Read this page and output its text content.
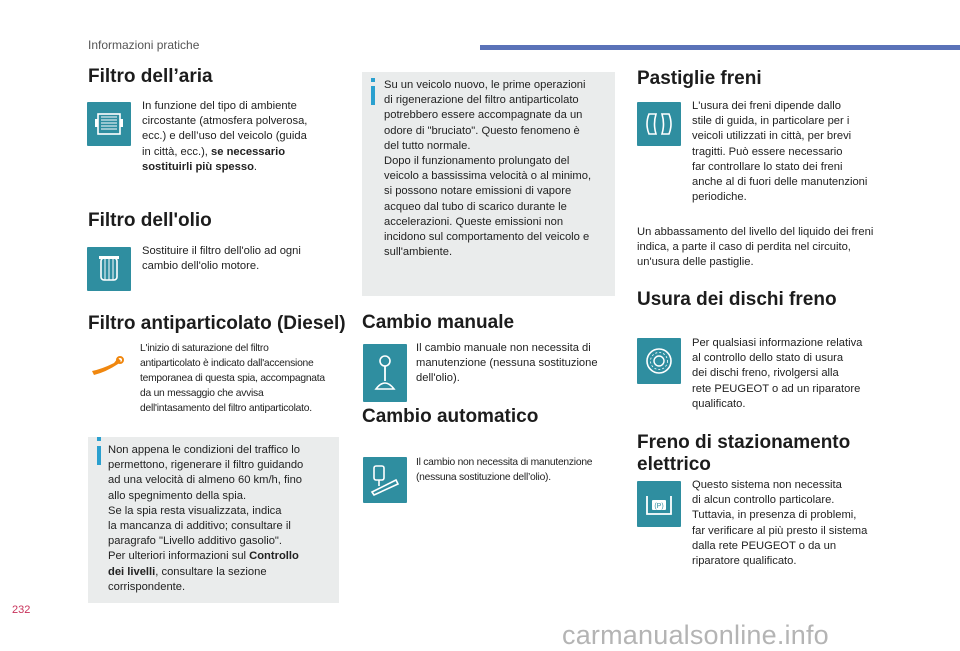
Informazioni pratiche
Filtro dell’aria
In funzione del tipo di ambiente
circostante (atmosfera polverosa,
ecc.) e dell’uso del veicolo (guida
in città, ecc.), se necessario
sostituirli più spesso.
Filtro dell'olio
Sostituire il filtro dell'olio ad ogni
cambio dell'olio motore.
Filtro antiparticolato (Diesel)
L'inizio di saturazione del filtro
antiparticolato è indicato dall'accensione
temporanea di questa spia, accompagnata
da un messaggio che avvisa
dell'intasamento del filtro antiparticolato.
Non appena le condizioni del traffico lo
permettono, rigenerare il filtro guidando
ad una velocità di almeno 60 km/h, fino
allo spegnimento della spia.
Se la spia resta visualizzata, indica
la mancanza di additivo; consultare il
paragrafo "Livello additivo gasolio".
Per ulteriori informazioni sul Controllo
dei livelli, consultare la sezione
corrispondente.
Su un veicolo nuovo, le prime operazioni
di rigenerazione del filtro antiparticolato
potrebbero essere accompagnate da un
odore di "bruciato". Questo fenomeno è
del tutto normale.
Dopo il funzionamento prolungato del
veicolo a bassissima velocità o al minimo,
si possono notare emissioni di vapore
acqueo dal tubo di scarico durante le
accelerazioni. Queste emissioni non
incidono sul comportamento del veicolo e
sull'ambiente.
Cambio manuale
Il cambio manuale non necessita di
manutenzione (nessuna sostituzione
dell'olio).
Cambio automatico
Il cambio non necessita di manutenzione
(nessuna sostituzione dell’olio).
Pastiglie freni
L'usura dei freni dipende dallo
stile di guida, in particolare per i
veicoli utilizzati in città, per brevi
tragitti. Può essere necessario
far controllare lo stato dei freni
anche al di fuori delle manutenzioni
periodiche.
Un abbassamento del livello del liquido dei freni
indica, a parte il caso di perdita nel circuito,
un'usura delle pastiglie.
Usura dei dischi freno
Per qualsiasi informazione relativa
al controllo dello stato di usura
dei dischi freno, rivolgersi alla
rete PEUGEOT o ad un riparatore
qualificato.
Freno di stazionamento
elettrico
(P)
Questo sistema non necessita
di alcun controllo particolare.
Tuttavia, in presenza di problemi,
far verificare al più presto il sistema
dalla rete PEUGEOT o da un
riparatore qualificato.
232
carmanualsonline.info
